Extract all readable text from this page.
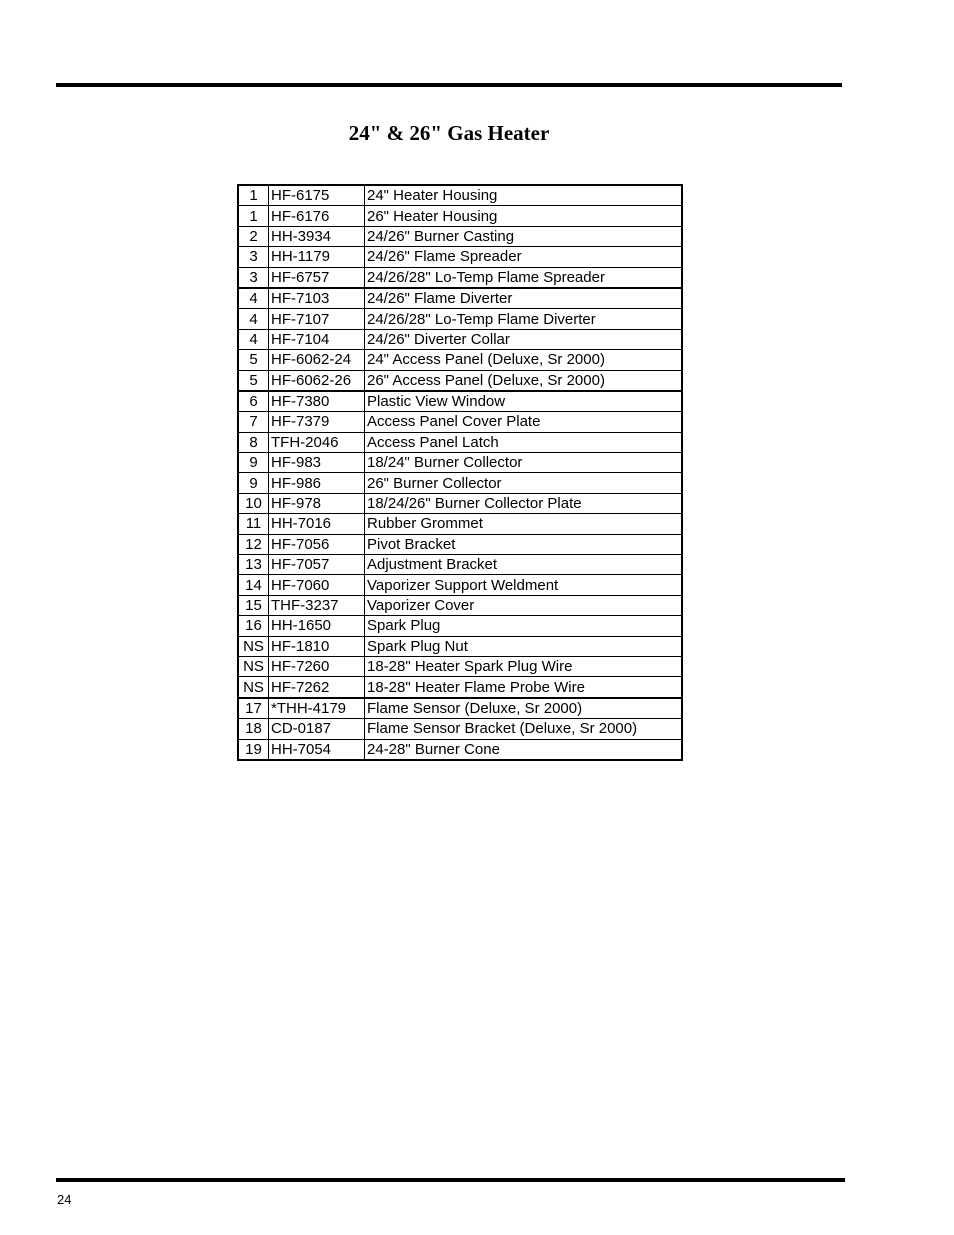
24" & 26" Gas Heater
1	HF-6175	24" Heater Housing
1	HF-6176	26" Heater Housing
2	HH-3934	24/26" Burner Casting
3	HH-1179	24/26" Flame Spreader
3	HF-6757	24/26/28" Lo-Temp Flame Spreader
4	HF-7103	24/26" Flame Diverter
4	HF-7107	24/26/28" Lo-Temp Flame Diverter
4	HF-7104	24/26" Diverter Collar
5	HF-6062-24	24" Access Panel (Deluxe, Sr 2000)
5	HF-6062-26	26" Access Panel (Deluxe, Sr 2000)
6	HF-7380	Plastic View Window
7	HF-7379	Access Panel Cover Plate
8	TFH-2046	Access Panel Latch
9	HF-983	18/24" Burner Collector
9	HF-986	26" Burner Collector
10	HF-978	18/24/26" Burner Collector Plate
11	HH-7016	Rubber Grommet
12	HF-7056	Pivot Bracket
13	HF-7057	Adjustment Bracket
14	HF-7060	Vaporizer Support Weldment
15	THF-3237	Vaporizer Cover
16	HH-1650	Spark Plug
NS	HF-1810	Spark Plug Nut
NS	HF-7260	18-28" Heater Spark Plug Wire
NS	HF-7262	18-28" Heater Flame Probe Wire
17	*THH-4179	Flame Sensor (Deluxe, Sr 2000)
18	CD-0187	Flame Sensor Bracket (Deluxe, Sr 2000)
19	HH-7054	24-28" Burner Cone
24
